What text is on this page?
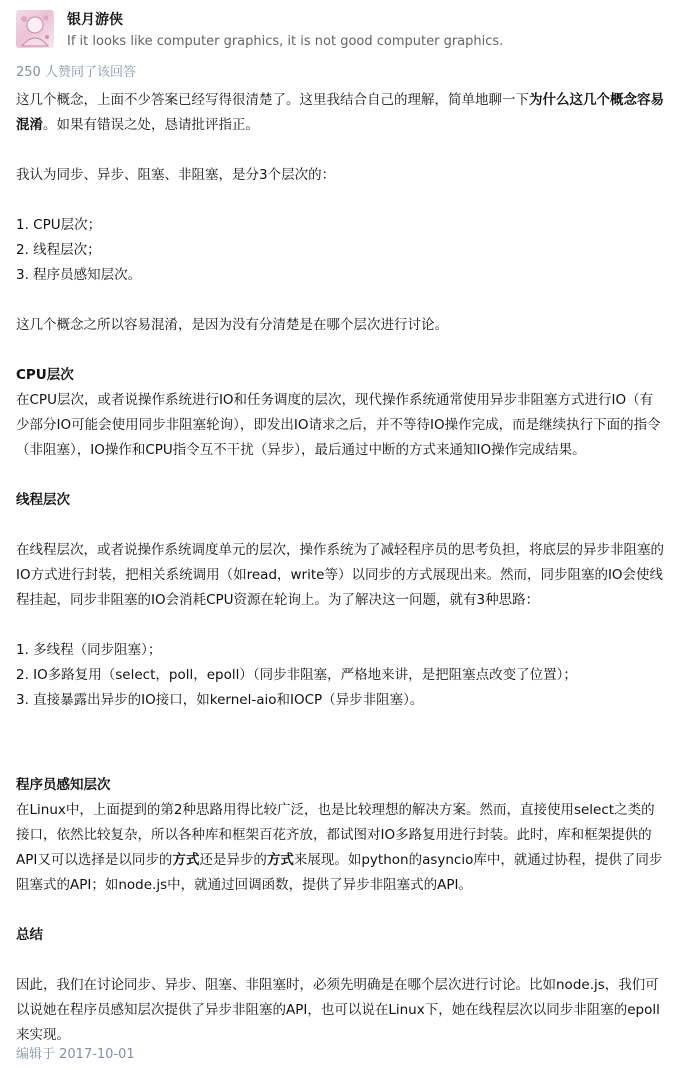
银月游侠
If it looks like computer graphics, it is not good computer graphics.
250 人赞同了该回答

这几个概念，上面不少答案已经写得很清楚了。这里我结合自己的理解，简单地聊一下为什么这几个概念容易混淆。如果有错误之处，恳请批评指正。

我认为同步、异步、阻塞、非阻塞，是分3个层次的：

1. CPU层次；

2. 线程层次；

3. 程序员感知层次。

这几个概念之所以容易混淆，是因为没有分清楚是在哪个层次进行讨论。

CPU层次

在CPU层次，或者说操作系统进行IO和任务调度的层次，现代操作系统通常使用异步非阻塞方式进行IO（有少部分IO可能会使用同步非阻塞轮询），即发出IO请求之后，并不等待IO操作完成，而是继续执行下面的指令（非阻塞），IO操作和CPU指令互不干扰（异步），最后通过中断的方式来通知IO操作完成结果。

线程层次

在线程层次，或者说操作系统调度单元的层次，操作系统为了减轻程序员的思考负担，将底层的异步非阻塞的IO方式进行封装，把相关系统调用（如read，write等）以同步的方式展现出来。然而，同步阻塞的IO会使线程挂起，同步非阻塞的IO会消耗CPU资源在轮询上。为了解决这一问题，就有3种思路：

1. 多线程（同步阻塞）；

2. IO多路复用（select，poll，epoll）（同步非阻塞，严格地来讲，是把阻塞点改变了位置）；

3. 直接暴露出异步的IO接口，如kernel-aio和IOCP（异步非阻塞）。

程序员感知层次

在Linux中，上面提到的第2种思路用得比较广泛，也是比较理想的解决方案。然而，直接使用select之类的接口，依然比较复杂，所以各种库和框架百花齐放，都试图对IO多路复用进行封装。此时，库和框架提供的API又可以选择是以同步的方式还是异步的方式来展现。如python的asyncio库中，就通过协程，提供了同步阻塞式的API；如node.js中，就通过回调函数，提供了异步非阻塞式的API。

总结

因此，我们在讨论同步、异步、阻塞、非阻塞时，必须先明确是在哪个层次进行讨论。比如node.js，我们可以说她在程序员感知层次提供了异步非阻塞的API，也可以说在Linux下，她在线程层次以同步非阻塞的epoll来实现。

编辑于 2017-10-01
